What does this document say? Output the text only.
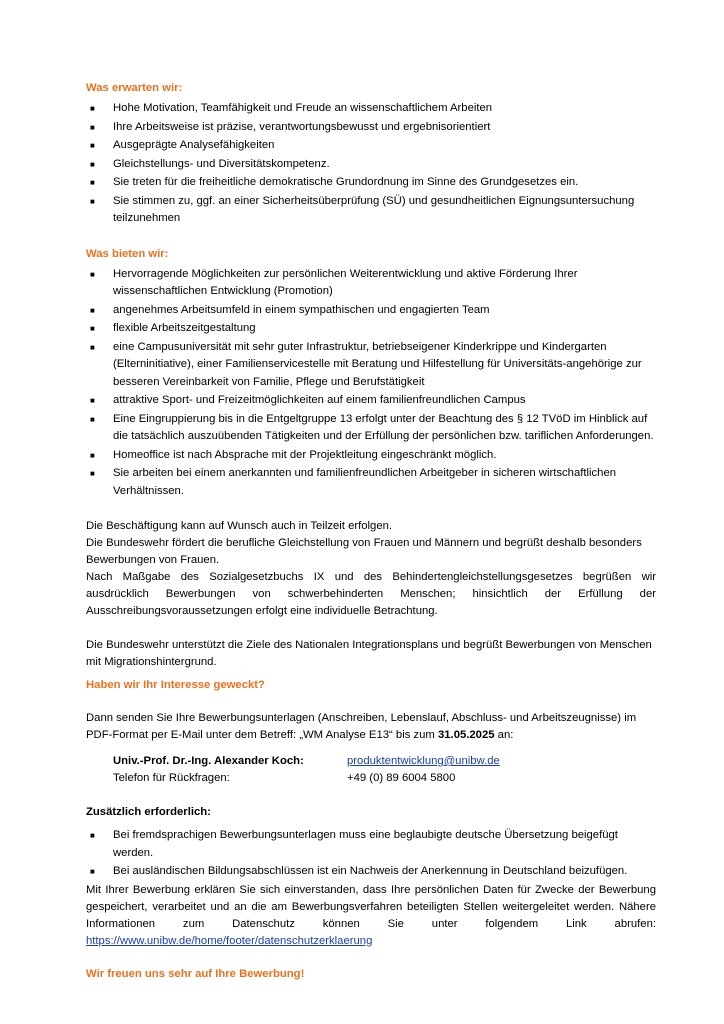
Was erwarten wir:

■ Hohe Motivation, Teamfähigkeit und Freude an wissenschaftlichem Arbeiten
■ Ihre Arbeitsweise ist präzise, verantwortungsbewusst und ergebnisorientiert
■ Ausgeprägte Analysefähigkeiten
■ Gleichstellungs- und Diversitätskompetenz.
■ Sie treten für die freiheitliche demokratische Grundordnung im Sinne des Grundgesetzes ein.
■ Sie stimmen zu, ggf. an einer Sicherheitsüberprüfung (SÜ) und gesundheitlichen Eignungsuntersuchung teilzunehmen

Was bieten wir:

■ Hervorragende Möglichkeiten zur persönlichen Weiterentwicklung und aktive Förderung Ihrer wissenschaftlichen Entwicklung (Promotion)
■ angenehmes Arbeitsumfeld in einem sympathischen und engagierten Team
■ flexible Arbeitszeitgestaltung
■ eine Campusuniversität mit sehr guter Infrastruktur, betriebseigener Kinderkrippe und Kindergarten (Elterninitiative), einer Familienservicestelle mit Beratung und Hilfestellung für Universitäts-angehörige zur besseren Vereinbarkeit von Familie, Pflege und Berufstätigkeit
■ attraktive Sport- und Freizeitmöglichkeiten auf einem familienfreundlichen Campus
■ Eine Eingruppierung bis in die Entgeltgruppe 13 erfolgt unter der Beachtung des § 12 TVöD im Hinblick auf die tatsächlich auszuübenden Tätigkeiten und der Erfüllung der persönlichen bzw. tariflichen Anforderungen.
■ Homeoffice ist nach Absprache mit der Projektleitung eingeschränkt möglich.
■ Sie arbeiten bei einem anerkannten und familienfreundlichen Arbeitgeber in sicheren wirtschaftlichen Verhältnissen.

Die Beschäftigung kann auf Wunsch auch in Teilzeit erfolgen.

Die Bundeswehr fördert die berufliche Gleichstellung von Frauen und Männern und begrüßt deshalb besonders Bewerbungen von Frauen.

Nach Maßgabe des Sozialgesetzbuchs IX und des Behindertengleichstellungsgesetzes begrüßen wir ausdrücklich Bewerbungen von schwerbehinderten Menschen; hinsichtlich der Erfüllung der Ausschreibungsvoraussetzungen erfolgt eine individuelle Betrachtung.

Die Bundeswehr unterstützt die Ziele des Nationalen Integrationsplans und begrüßt Bewerbungen von Menschen mit Migrationshintergrund.

Haben wir Ihr Interesse geweckt?

Dann senden Sie Ihre Bewerbungsunterlagen (Anschreiben, Lebenslauf, Abschluss- und Arbeitszeugnisse) im PDF-Format per E-Mail unter dem Betreff: „WM Analyse E13“ bis zum 31.05.2025 an:

Univ.-Prof. Dr.-Ing. Alexander Koch:	produktentwicklung@unibw.de
Telefon für Rückfragen:	+49 (0) 89 6004 5800

Zusätzlich erforderlich:

■ Bei fremdsprachigen Bewerbungsunterlagen muss eine beglaubigte deutsche Übersetzung beigefügt werden.
■ Bei ausländischen Bildungsabschlüssen ist ein Nachweis der Anerkennung in Deutschland beizufügen.

Mit Ihrer Bewerbung erklären Sie sich einverstanden, dass Ihre persönlichen Daten für Zwecke der Bewerbung gespeichert, verarbeitet und an die am Bewerbungsverfahren beteiligten Stellen weitergeleitet werden. Nähere Informationen zum Datenschutz können Sie unter folgendem Link abrufen: https://www.unibw.de/home/footer/datenschutzerklaerung

Wir freuen uns sehr auf Ihre Bewerbung!
